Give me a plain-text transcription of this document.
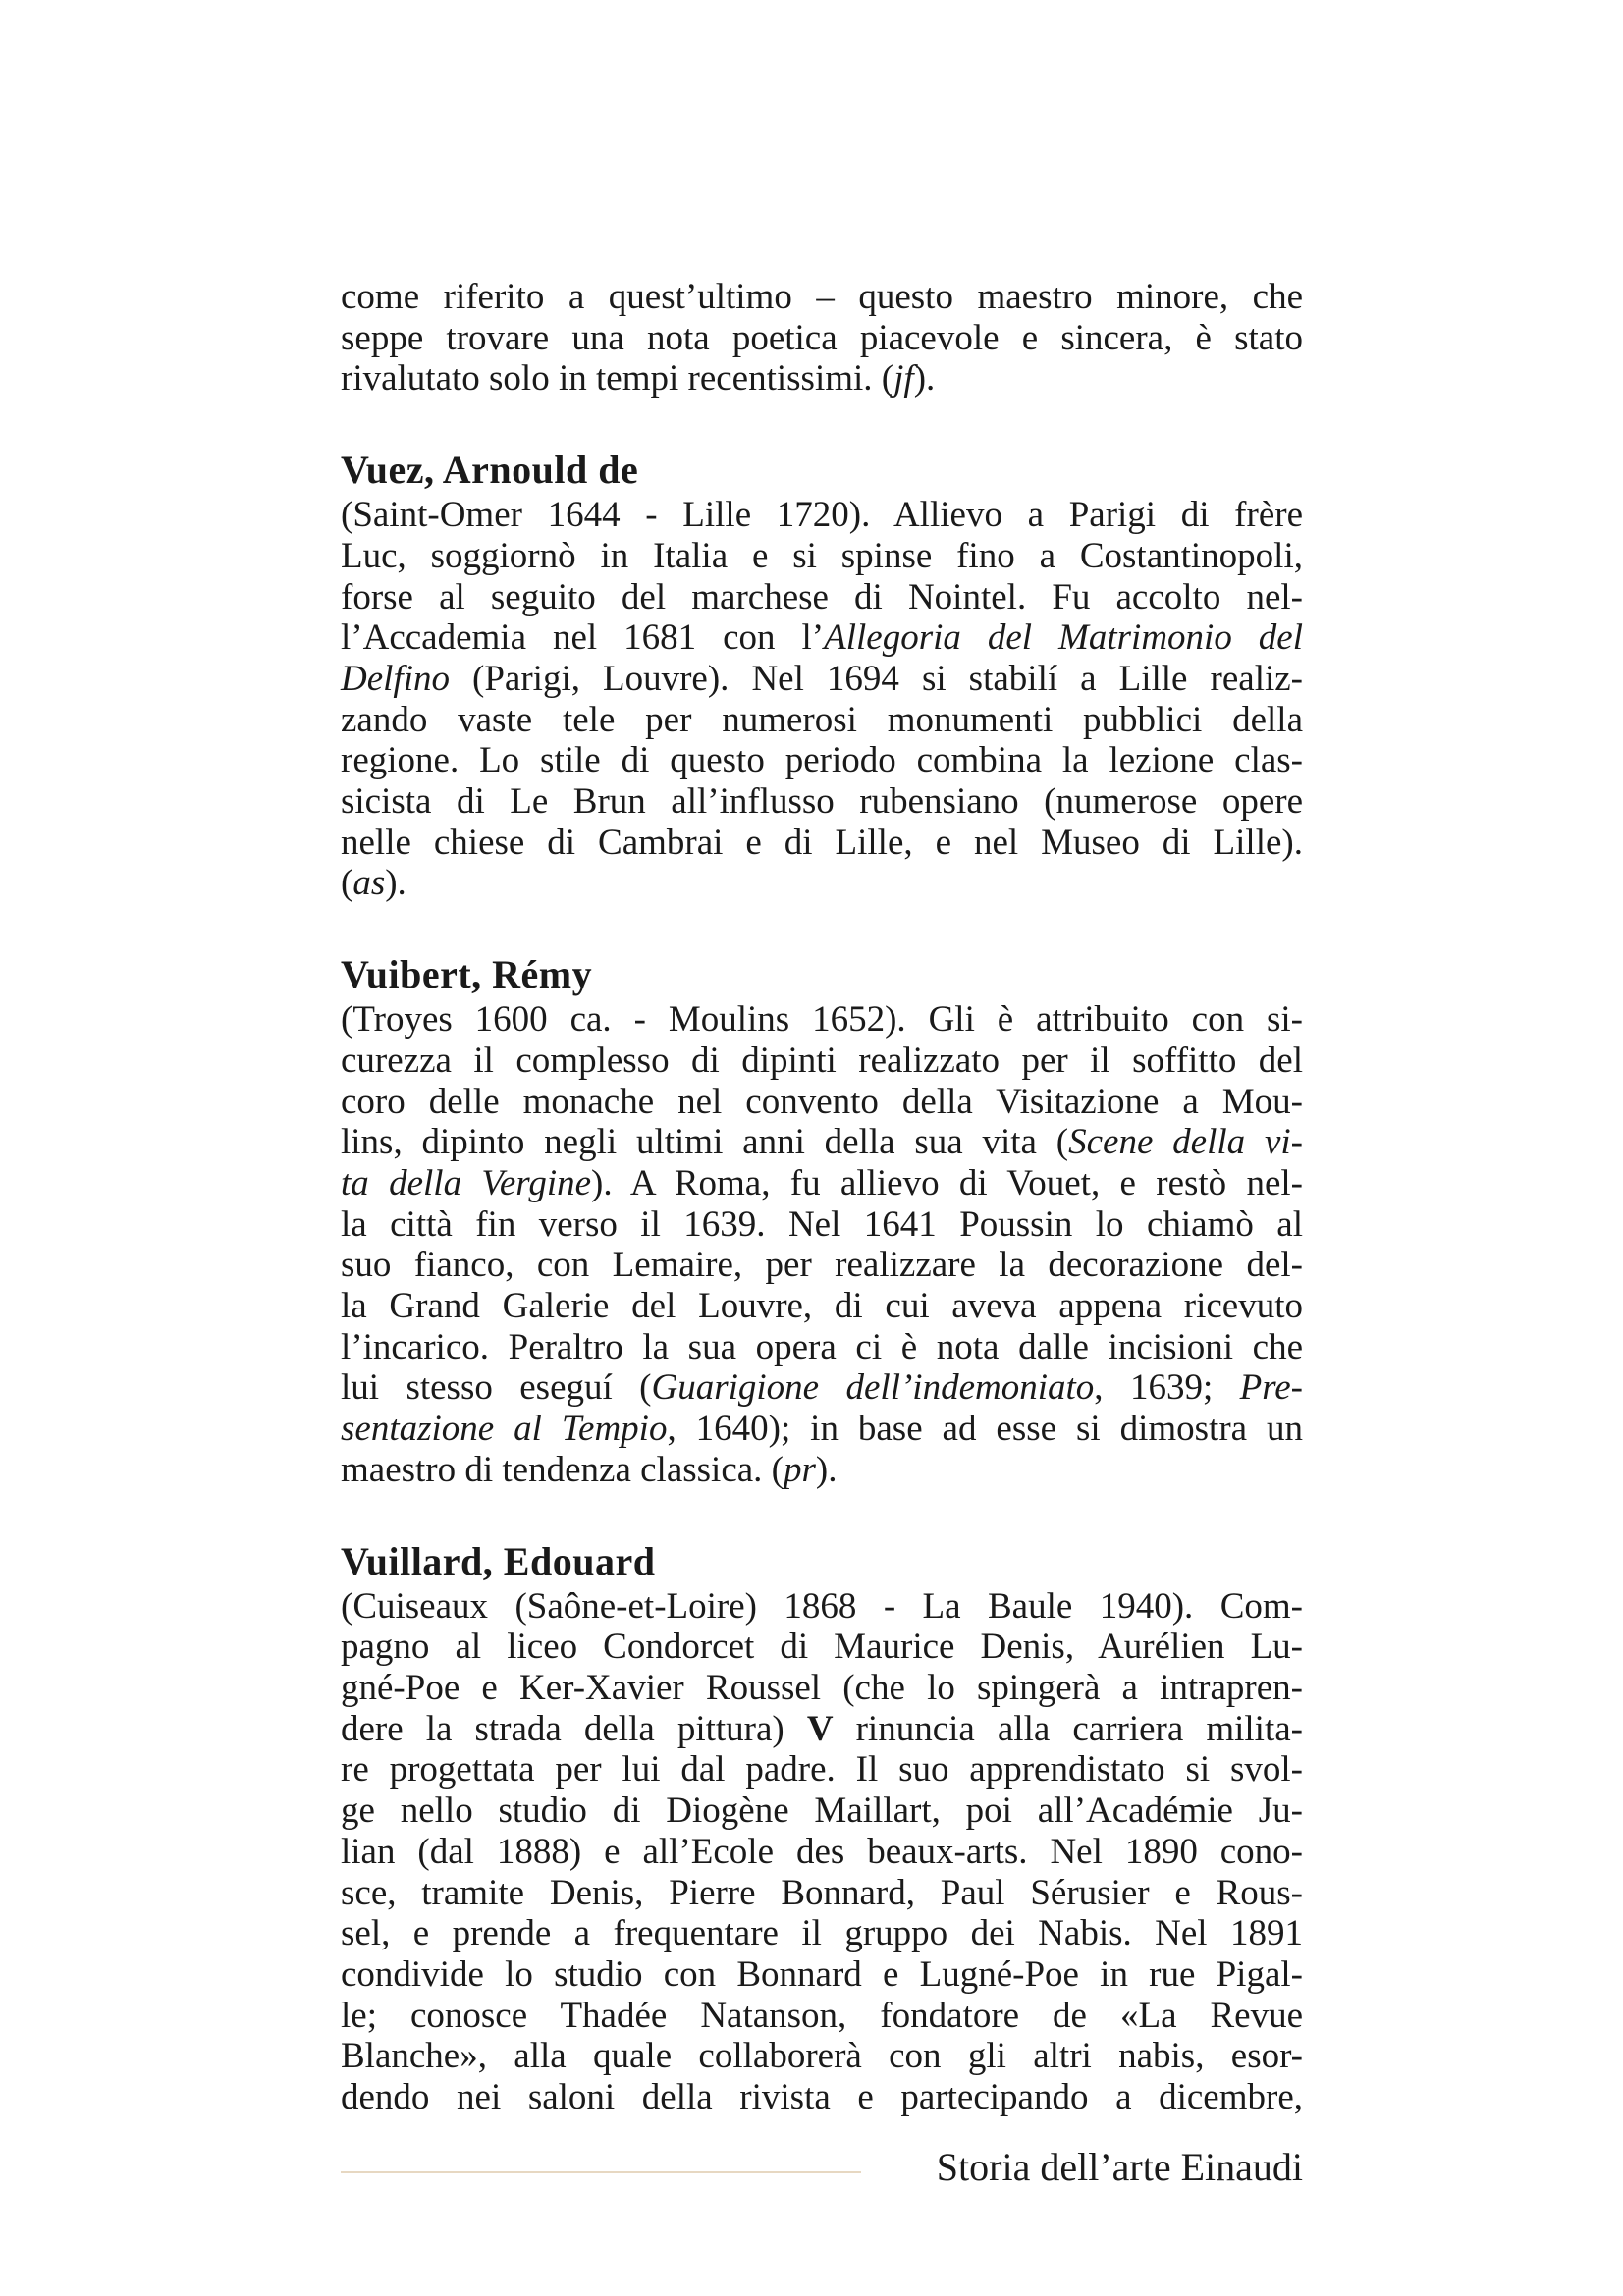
come riferito a quest’ultimo – questo maestro minore, che

seppe trovare una nota poetica piacevole e sincera, è stato

rivalutato solo in tempi recentissimi. (jf).

Vuez, Arnould de

(Saint-Omer 1644 - Lille 1720). Allievo a Parigi di frère

Luc, soggiornò in Italia e si spinse fino a Costantinopoli,

forse al seguito del marchese di Nointel. Fu accolto nel-

l’Accademia nel 1681 con l’Allegoria del Matrimonio del

Delfino (Parigi, Louvre). Nel 1694 si stabilí a Lille realiz-

zando vaste tele per numerosi monumenti pubblici della

regione. Lo stile di questo periodo combina la lezione clas-

sicista di Le Brun all’influsso rubensiano (numerose opere

nelle chiese di Cambrai e di Lille, e nel Museo di Lille).

(as).

Vuibert, Rémy

(Troyes 1600 ca. - Moulins 1652). Gli è attribuito con si-

curezza il complesso di dipinti realizzato per il soffitto del

coro delle monache nel convento della Visitazione a Mou-

lins, dipinto negli ultimi anni della sua vita (Scene della vi-

ta della Vergine). A Roma, fu allievo di Vouet, e restò nel-

la città fin verso il 1639. Nel 1641 Poussin lo chiamò al

suo fianco, con Lemaire, per realizzare la decorazione del-

la Grand Galerie del Louvre, di cui aveva appena ricevuto

l’incarico. Peraltro la sua opera ci è nota dalle incisioni che

lui stesso eseguí (Guarigione dell’indemoniato, 1639; Pre-

sentazione al Tempio, 1640); in base ad esse si dimostra un

maestro di tendenza classica. (pr).

Vuillard, Edouard

(Cuiseaux (Saône-et-Loire) 1868 - La Baule 1940). Com-

pagno al liceo Condorcet di Maurice Denis, Aurélien Lu-

gné-Poe e Ker-Xavier Roussel (che lo spingerà a intrapren-

dere la strada della pittura) V rinuncia alla carriera milita-

re progettata per lui dal padre. Il suo apprendistato si svol-

ge nello studio di Diogène Maillart, poi all’Académie Ju-

lian (dal 1888) e all’Ecole des beaux-arts. Nel 1890 cono-

sce, tramite Denis, Pierre Bonnard, Paul Sérusier e Rous-

sel, e prende a frequentare il gruppo dei Nabis. Nel 1891

condivide lo studio con Bonnard e Lugné-Poe in rue Pigal-

le; conosce Thadée Natanson, fondatore de «La Revue

Blanche», alla quale collaborerà con gli altri nabis, esor-

dendo nei saloni della rivista e partecipando a dicembre,

Storia dell’arte Einaudi
